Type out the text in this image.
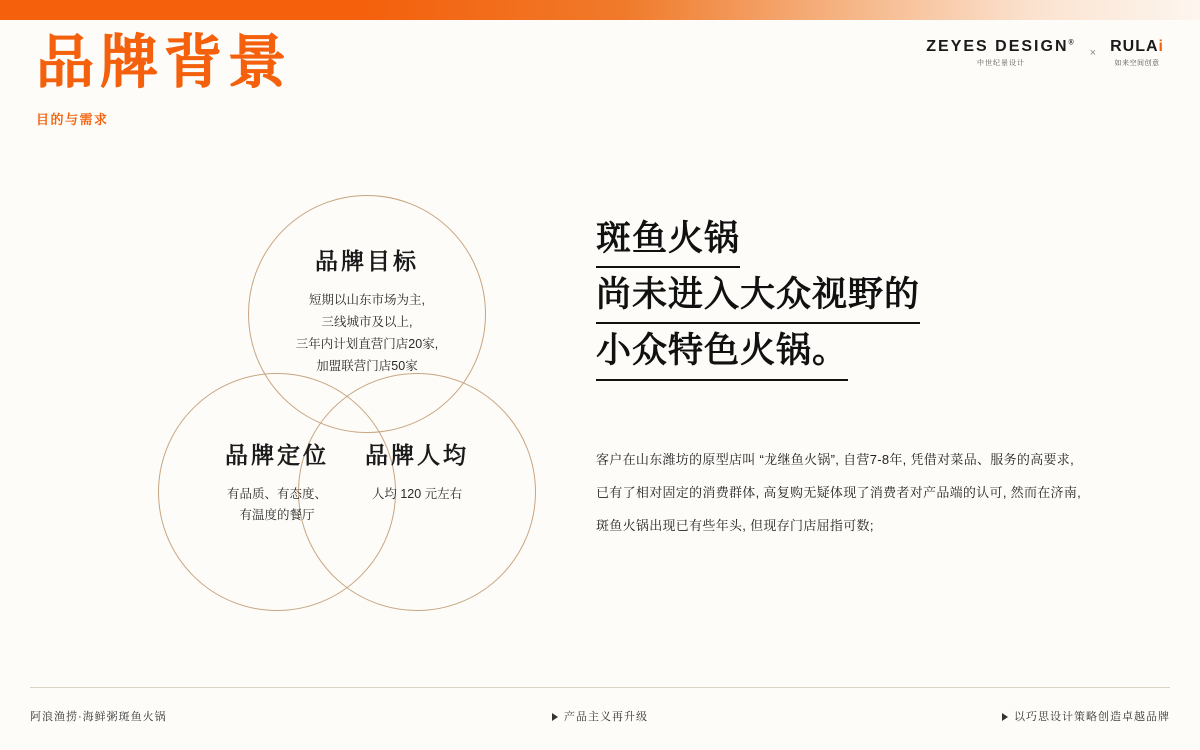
品牌背景
目的与需求
ZEYES DESIGN®
中世纪景设计
× RULAi
如来空间创意
品牌目标
短期以山东市场为主,
三线城市及以上,
三年内计划直营门店20家,
加盟联营门店50家
品牌定位
有品质、有态度、
有温度的餐厅
品牌人均
人均 120 元左右
斑鱼火锅
尚未进入大众视野的
小众特色火锅。
客户在山东潍坊的原型店叫 “龙继鱼火锅”, 自营7-8年, 凭借对菜品、服务的高要求,
已有了相对固定的消费群体, 高复购无疑体现了消费者对产品端的认可, 然而在济南,
斑鱼火锅出现已有些年头, 但现存门店屈指可数;
阿浪渔捞·海鲜粥斑鱼火锅	产品主义再升级	以巧思设计策略创造卓越品牌
